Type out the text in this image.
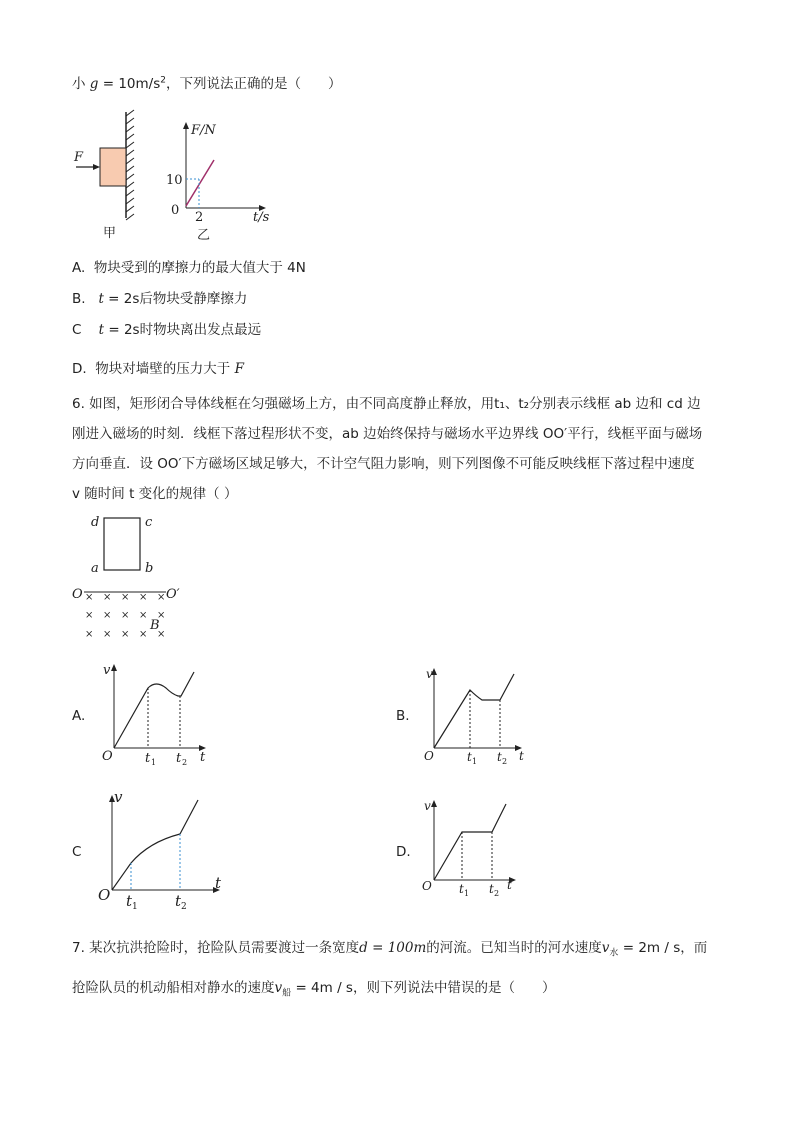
小 $g = 10m/s^2$，下列说法正确的是（　　）
F
甲
F/N
t/s
10
2
0
乙
A. 物块受到的摩擦力的最大值大于 4N
B. t = 2s后物块受静摩擦力
C t = 2s时物块离出发点最远
D. 物块对墙壁的压力大于 F
6. 如图，矩形闭合导体线框在匀强磁场上方，由不同高度静止释放，用t₁、t₂分别表示线框 ab 边和 cd 边
刚进入磁场的时刻．线框下落过程形状不变，ab 边始终保持与磁场水平边界线 OO′平行，线框平面与磁场
方向垂直．设 OO′下方磁场区域足够大，不计空气阻力影响，则下列图像不可能反映线框下落过程中速度
v 随时间 t 变化的规律（ ）
d	c
a	b
O	O′
× × × × ×
× × × × ×
× × × × ×
B
A.
v
O t 1 t 2 t
B.
v
O	t 1 t 2 t
C
v
O t 1 t 2
t
D.
v
O t 1 t 2
t
7. 某次抗洪抢险时，抢险队员需要渡过一条宽度d = 100m的河流。已知当时的河水速度$v_水 = 2m / s$，而
抢险队员的机动船相对静水的速度$v_船 = 4m / s$，则下列说法中错误的是（　　）
